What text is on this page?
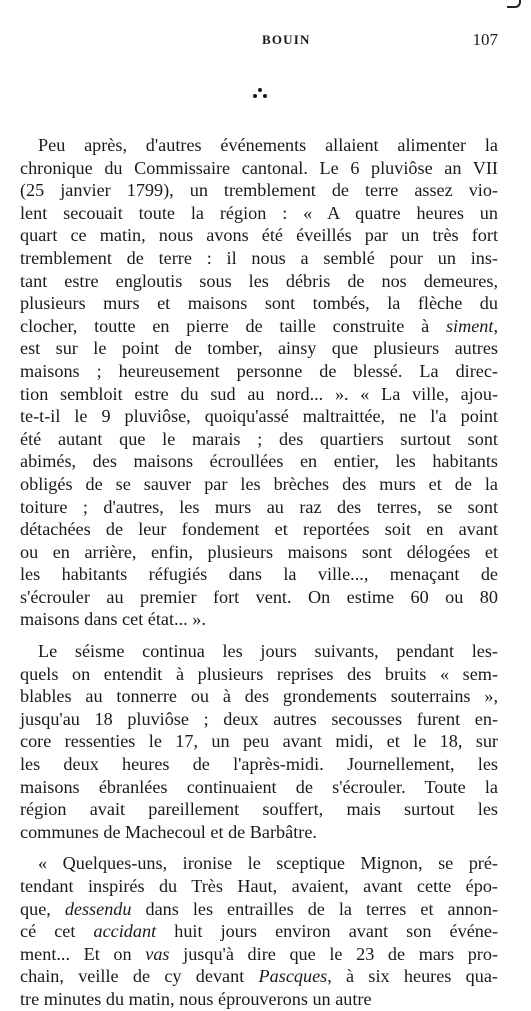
BOUIN	107

Peu après, d'autres événements allaient alimenter la
chronique du Commissaire cantonal. Le 6 pluviôse an VII
(25 janvier 1799), un tremblement de terre assez vio-
lent secouait toute la région : « A quatre heures un
quart ce matin, nous avons été éveillés par un très fort
tremblement de terre : il nous a semblé pour un ins-
tant estre engloutis sous les débris de nos demeures,
plusieurs murs et maisons sont tombés, la flèche du
clocher, toutte en pierre de taille construite à siment,
est sur le point de tomber, ainsy que plusieurs autres
maisons ; heureusement personne de blessé. La direc-
tion sembloit estre du sud au nord... ». « La ville, ajou-
te-t-il le 9 pluviôse, quoiqu'assé maltraittée, ne l'a point
été autant que le marais ; des quartiers surtout sont
abimés, des maisons écroullées en entier, les habitants
obligés de se sauver par les brèches des murs et de la
toiture ; d'autres, les murs au raz des terres, se sont
détachées de leur fondement et reportées soit en avant
ou en arrière, enfin, plusieurs maisons sont délogées et
les habitants réfugiés dans la ville..., menaçant de
s'écrouler au premier fort vent. On estime 60 ou 80
maisons dans cet état... ».

Le séisme continua les jours suivants, pendant les-
quels on entendit à plusieurs reprises des bruits « sem-
blables au tonnerre ou à des grondements souterrains »,
jusqu'au 18 pluviôse ; deux autres secousses furent en-
core ressenties le 17, un peu avant midi, et le 18, sur
les deux heures de l'après-midi. Journellement, les
maisons ébranlées continuaient de s'écrouler. Toute la
région avait pareillement souffert, mais surtout les
communes de Machecoul et de Barbâtre.

« Quelques-uns, ironise le sceptique Mignon, se pré-
tendant inspirés du Très Haut, avaient, avant cette épo-
que, dessendu dans les entrailles de la terres et annon-
cé cet accidant huit jours environ avant son événe-
ment... Et on vas jusqu'à dire que le 23 de mars pro-
chain, veille de cy devant Pascques, à six heures qua-
tre minutes du matin, nous éprouverons un autre
